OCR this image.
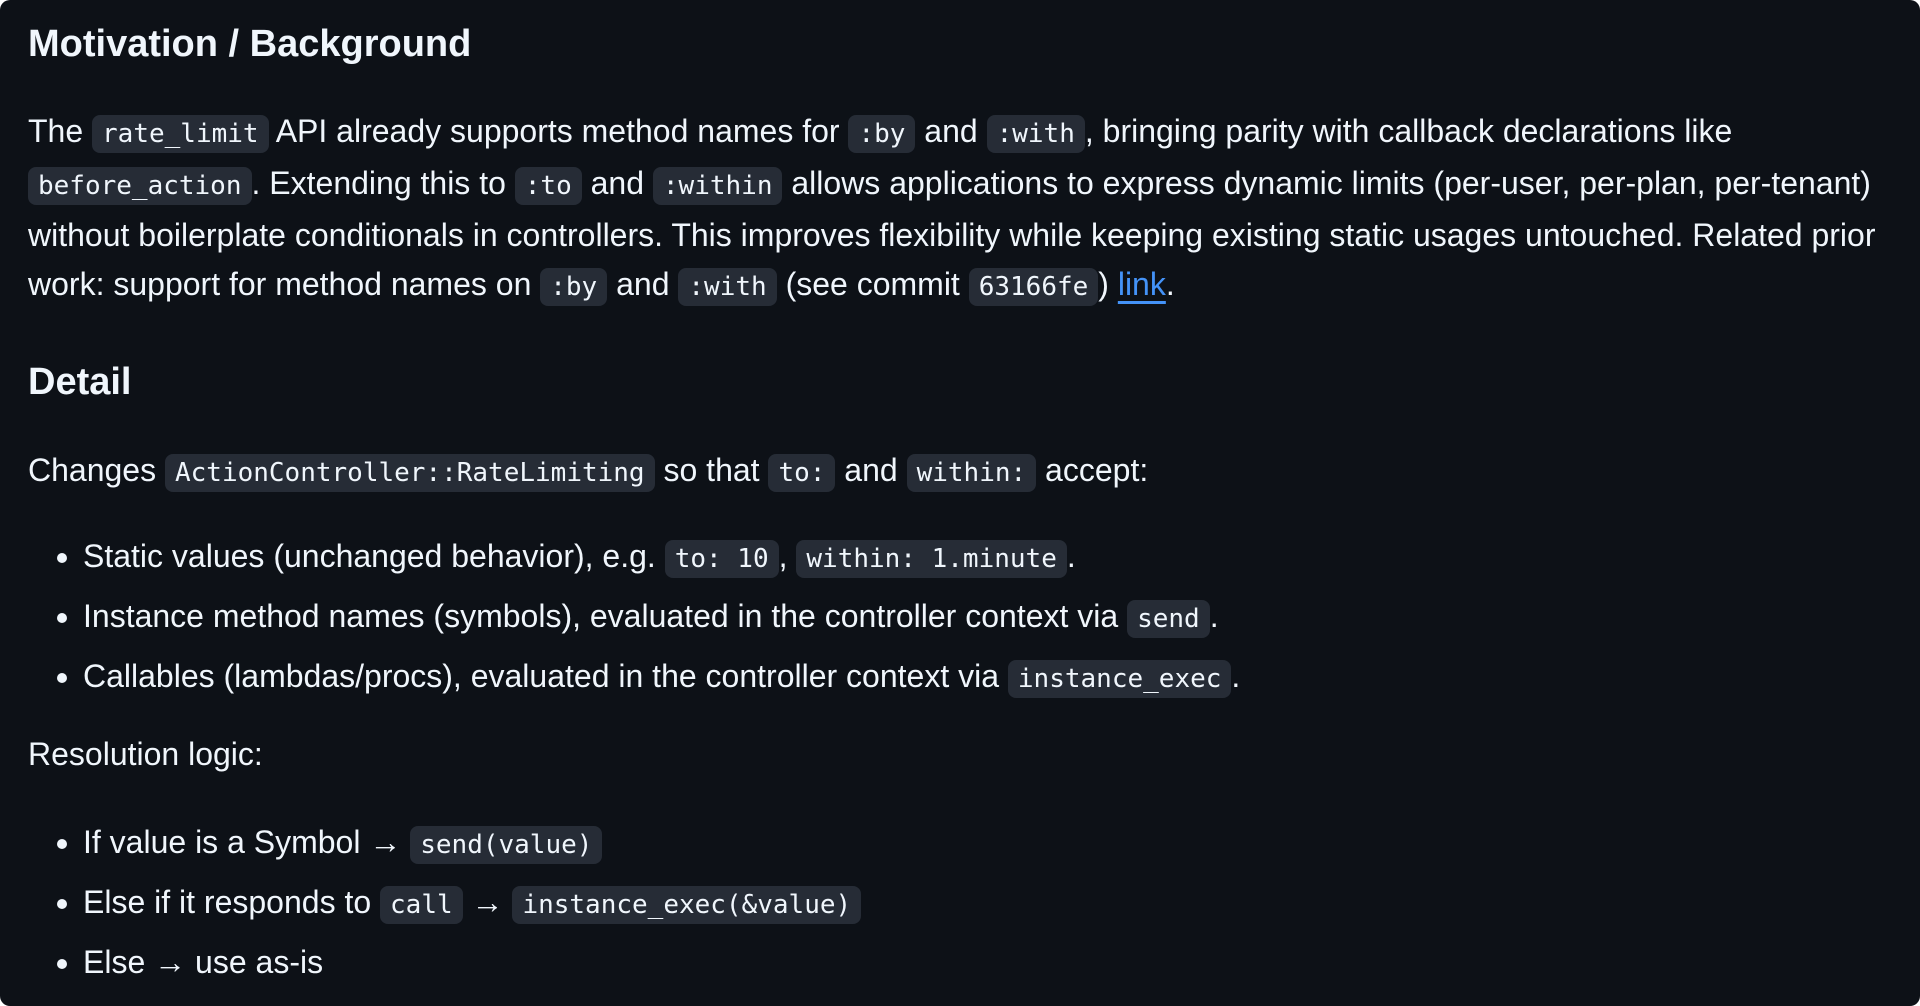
Motivation / Background

The rate_limit API already supports method names for :by and :with , bringing parity with callback declarations like before_action . Extending this to :to and :within allows applications to express dynamic limits (per-user, per-plan, per-tenant) without boilerplate conditionals in controllers. This improves flexibility while keeping existing static usages untouched. Related prior work: support for method names on :by and :with (see commit 63166fe ) link.

Detail

Changes ActionController::RateLimiting so that to: and within: accept:

• Static values (unchanged behavior), e.g. to: 10 , within: 1.minute .
• Instance method names (symbols), evaluated in the controller context via send .
• Callables (lambdas/procs), evaluated in the controller context via instance_exec .

Resolution logic:

• If value is a Symbol → send(value)
• Else if it responds to call → instance_exec(&value)
• Else → use as-is
